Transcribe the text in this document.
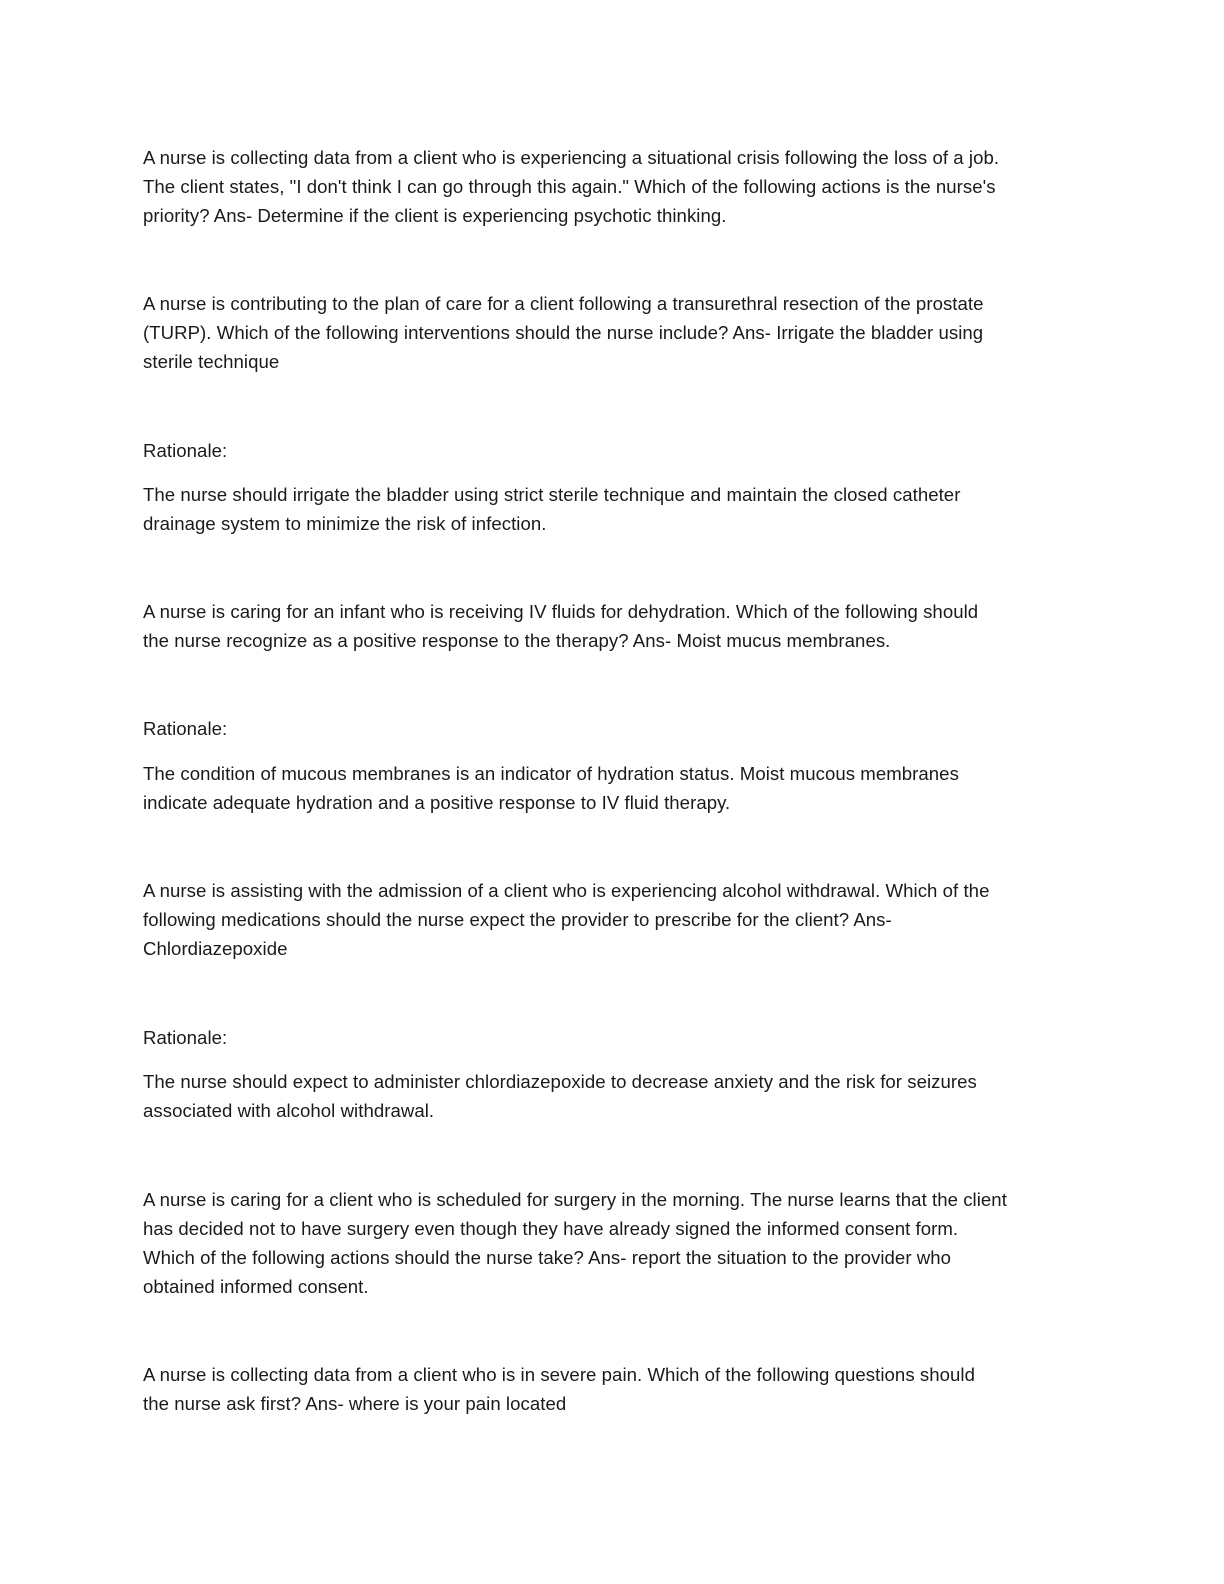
A nurse is collecting data from a client who is experiencing a situational crisis following the loss of a job.
The client states, "I don't think I can go through this again." Which of the following actions is the nurse's
priority? Ans- Determine if the client is experiencing psychotic thinking.

A nurse is contributing to the plan of care for a client following a transurethral resection of the prostate
(TURP). Which of the following interventions should the nurse include? Ans- Irrigate the bladder using
sterile technique

Rationale:

The nurse should irrigate the bladder using strict sterile technique and maintain the closed catheter
drainage system to minimize the risk of infection.

A nurse is caring for an infant who is receiving IV fluids for dehydration. Which of the following should
the nurse recognize as a positive response to the therapy? Ans- Moist mucus membranes.

Rationale:

The condition of mucous membranes is an indicator of hydration status. Moist mucous membranes
indicate adequate hydration and a positive response to IV fluid therapy.

A nurse is assisting with the admission of a client who is experiencing alcohol withdrawal. Which of the
following medications should the nurse expect the provider to prescribe for the client? Ans-
Chlordiazepoxide

Rationale:

The nurse should expect to administer chlordiazepoxide to decrease anxiety and the risk for seizures
associated with alcohol withdrawal.

A nurse is caring for a client who is scheduled for surgery in the morning. The nurse learns that the client
has decided not to have surgery even though they have already signed the informed consent form.
Which of the following actions should the nurse take? Ans- report the situation to the provider who
obtained informed consent.

A nurse is collecting data from a client who is in severe pain. Which of the following questions should
the nurse ask first? Ans- where is your pain located
